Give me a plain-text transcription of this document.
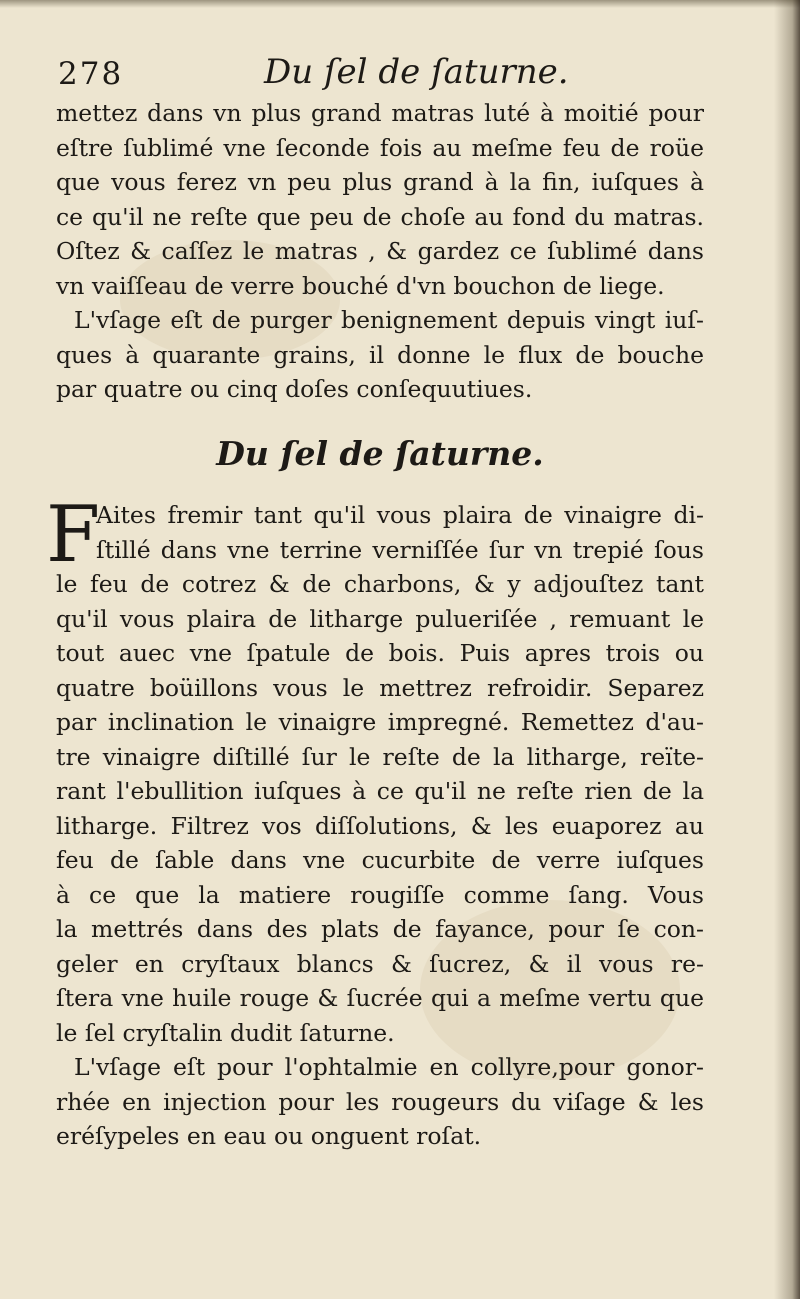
278	Du ſel de ſaturne.
mettez dans vn plus grand matras luté à moitié pour
eſtre ſublimé vne ſeconde fois au meſme feu de roüe
que vous ferez vn peu plus grand à la fin, iuſques à
ce qu'il ne reſte que peu de choſe au fond du matras.
Oſtez & caſſez le matras , & gardez ce ſublimé dans
vn vaiſſeau de verre bouché d'vn bouchon de liege.
L'vſage eſt de purger benignement depuis vingt iuſ-
ques à quarante grains, il donne le flux de bouche
par quatre ou cinq doſes conſequutiues.
Du ſel de ſaturne.
F
Aites fremir tant qu'il vous plaira de vinaigre di-
ſtillé dans vne terrine verniſſée ſur vn trepié ſous
le feu de cotrez & de charbons, & y adjouſtez tant
qu'il vous plaira de litharge pulueriſée , remuant le
tout auec vne ſpatule de bois. Puis apres trois ou
quatre boüillons vous le mettrez refroidir. Separez
par inclination le vinaigre impregné. Remettez d'au-
tre vinaigre diſtillé ſur le reſte de la litharge, reïte-
rant l'ebullition iuſques à ce qu'il ne reſte rien de la
litharge. Filtrez vos diſſolutions, & les euaporez au
feu de ſable dans vne cucurbite de verre iuſques
à ce que la matiere rougiſſe comme ſang. Vous
la mettrés dans des plats de fayance, pour ſe con-
geler en cryſtaux blancs & ſucrez, & il vous re-
ſtera vne huile rouge & ſucrée qui a meſme vertu que
le ſel cryſtalin dudit ſaturne.
L'vſage eſt pour l'ophtalmie en collyre,pour gonor-
rhée en injection pour les rougeurs du viſage & les
eréſypeles en eau ou onguent roſat.
